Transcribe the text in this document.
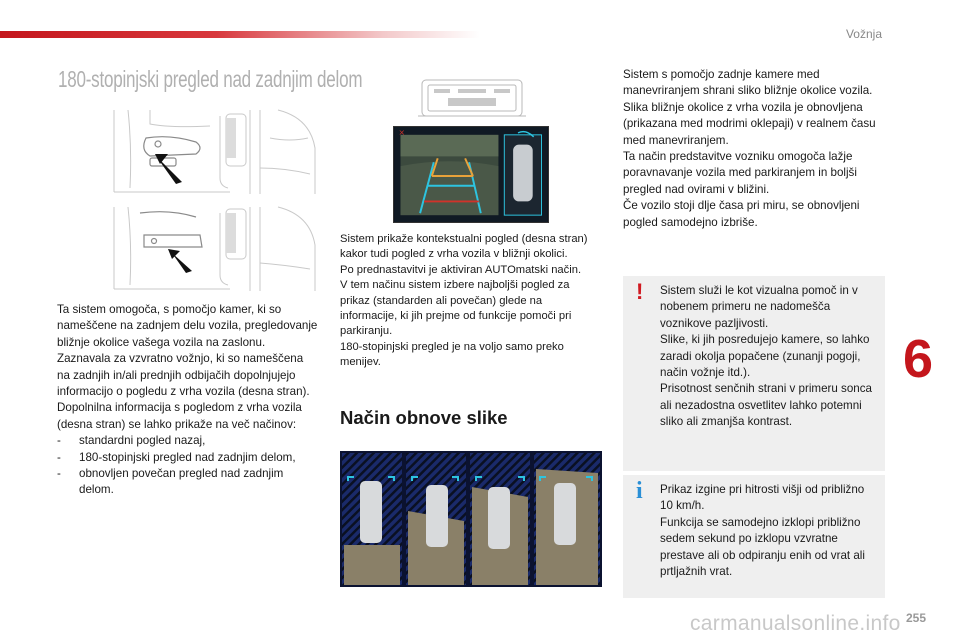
Vožnja
180-stopinjski pregled nad zadnjim delom

Ta sistem omogoča, s pomočjo kamer, ki so nameščene na zadnjem delu vozila, pregledovanje bližnje okolice vašega vozila na zaslonu. Zaznavala za vzvratno vožnjo, ki so nameščena na zadnjih in/ali prednjih odbijačih dopolnjujejo informacijo o pogledu z vrha vozila (desna stran).

Dopolnilna informacija s pogledom z vrha vozila (desna stran) se lahko prikaže na več načinov:

- standardni pogled nazaj,
- 180-stopinjski pregled nad zadnjim delom,
- obnovljen povečan pregled nad zadnjim delom.
×

Sistem prikaže kontekstualni pogled (desna stran) kakor tudi pogled z vrha vozila v bližnji okolici.

Po prednastavitvi je aktiviran AUTOmatski način.

V tem načinu sistem izbere najboljši pogled za prikaz (standarden ali povečan) glede na informacije, ki jih prejme od funkcije pomoči pri parkiranju.

180-stopinjski pregled je na voljo samo preko menijev.

Način obnove slike

Sistem s pomočjo zadnje kamere med manevriranjem shrani sliko bližnje okolice vozila. Slika bližnje okolice z vrha vozila je obnovljena (prikazana med modrimi oklepaji) v realnem času med manevriranjem.

Ta način predstavitve vozniku omogoča lažje poravnavanje vozila med parkiranjem in boljši pregled nad ovirami v bližini.

Če vozilo stoji dlje časa pri miru, se obnovljeni pogled samodejno izbriše.

! Sistem služi le kot vizualna pomoč in v nobenem primeru ne nadomešča voznikove pazljivosti.

Slike, ki jih posredujejo kamere, so lahko zaradi okolja popačene (zunanji pogoji, način vožnje itd.).

Prisotnost senčnih strani v primeru sonca ali nezadostna osvetlitev lahko potemni sliko ali zmanjša kontrast.

i Prikaz izgine pri hitrosti višji od približno 10 km/h.

Funkcija se samodejno izklopi približno sedem sekund po izklopu vzvratne prestave ali ob odpiranju enih od vrat ali prtljažnih vrat.

6
carmanualsonline.info 255
